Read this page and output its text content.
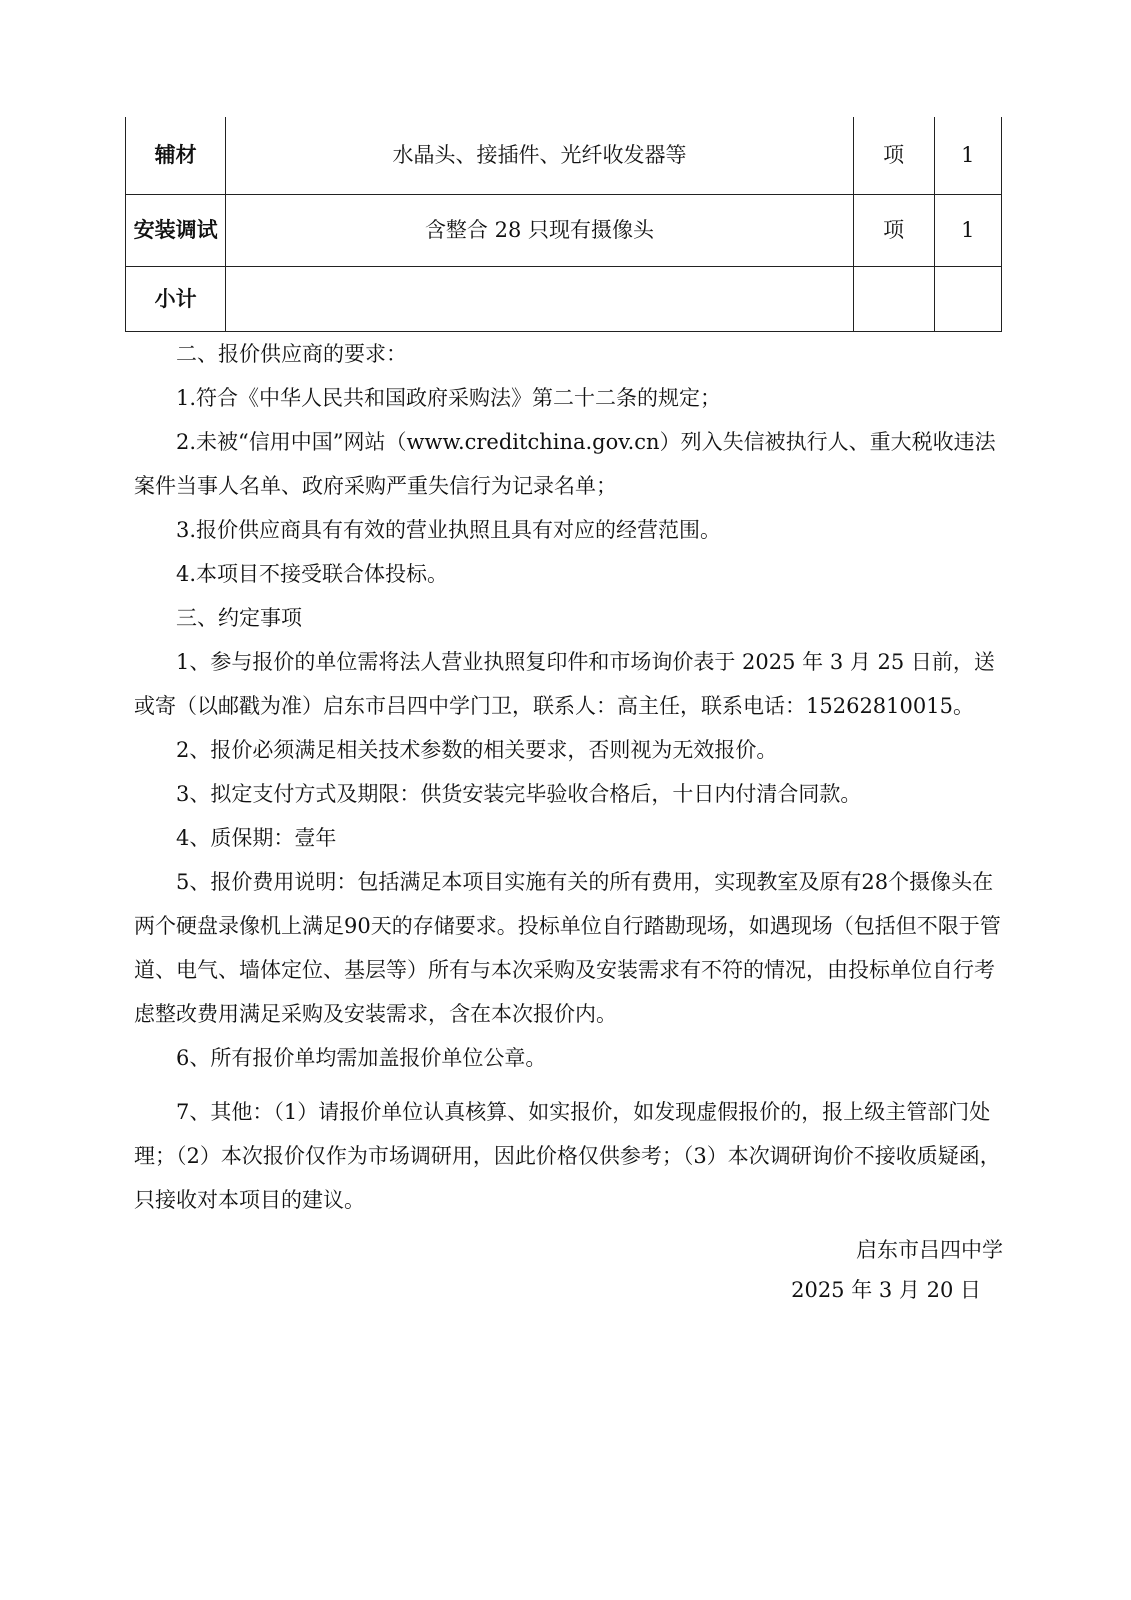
辅材	水晶头、接插件、光纤收发器等	项	1
安装调试	含整合 28 只现有摄像头	项	1
小计			

二、报价供应商的要求：

1.符合《中华人民共和国政府采购法》第二十二条的规定；

2.未被“信用中国”网站（www.creditchina.gov.cn）列入失信被执行人、重大税收违法案件当事人名单、政府采购严重失信行为记录名单；

3.报价供应商具有有效的营业执照且具有对应的经营范围。

4.本项目不接受联合体投标。

三、约定事项

1、参与报价的单位需将法人营业执照复印件和市场询价表于 2025 年 3 月 25 日前，送或寄（以邮戳为准）启东市吕四中学门卫，联系人：高主任，联系电话：15262810015。

2、报价必须满足相关技术参数的相关要求，否则视为无效报价。

3、拟定支付方式及期限：供货安装完毕验收合格后，十日内付清合同款。

4、质保期：壹年

5、报价费用说明：包括满足本项目实施有关的所有费用，实现教室及原有28个摄像头在两个硬盘录像机上满足90天的存储要求。投标单位自行踏勘现场，如遇现场（包括但不限于管道、电气、墙体定位、基层等）所有与本次采购及安装需求有不符的情况，由投标单位自行考虑整改费用满足采购及安装需求，含在本次报价内。

6、所有报价单均需加盖报价单位公章。

7、其他：（1）请报价单位认真核算、如实报价，如发现虚假报价的，报上级主管部门处理；（2）本次报价仅作为市场调研用，因此价格仅供参考；（3）本次调研询价不接收质疑函，只接收对本项目的建议。

启东市吕四中学
2025 年 3 月 20 日
